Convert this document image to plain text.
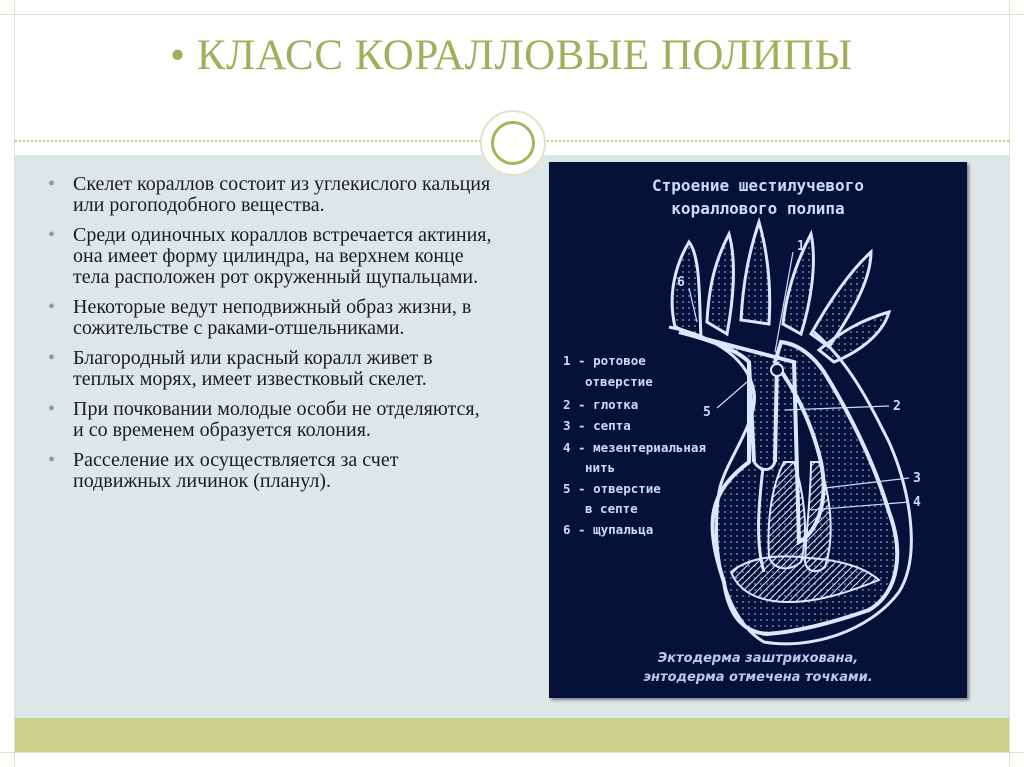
• КЛАСС КОРАЛЛОВЫЕ ПОЛИПЫ
• Скелет кораллов состоит из углекислого кальция или рогоподобного вещества.
• Среди одиночных кораллов встречается актиния, она имеет форму цилиндра, на верхнем конце тела расположен рот окруженный щупальцами.
• Некоторые ведут неподвижный образ жизни, в сожительстве с раками-отшельниками.
• Благородный или красный коралл живет в теплых морях, имеет известковый скелет.
• При почковании молодые особи не отделяются, и со временем образуется колония.
• Расселение их осуществляется за счет подвижных личинок (планул).
Строение шестилучевого
кораллового полипа
1
2
3
4
5
6
1 - ротовое
отверстие
2 - глотка
3 - септа
4 - мезентериальная
нить
5 - отверстие
в септе
6 - щупальца
Эктодерма заштрихована,
энтодерма отмечена точками.
